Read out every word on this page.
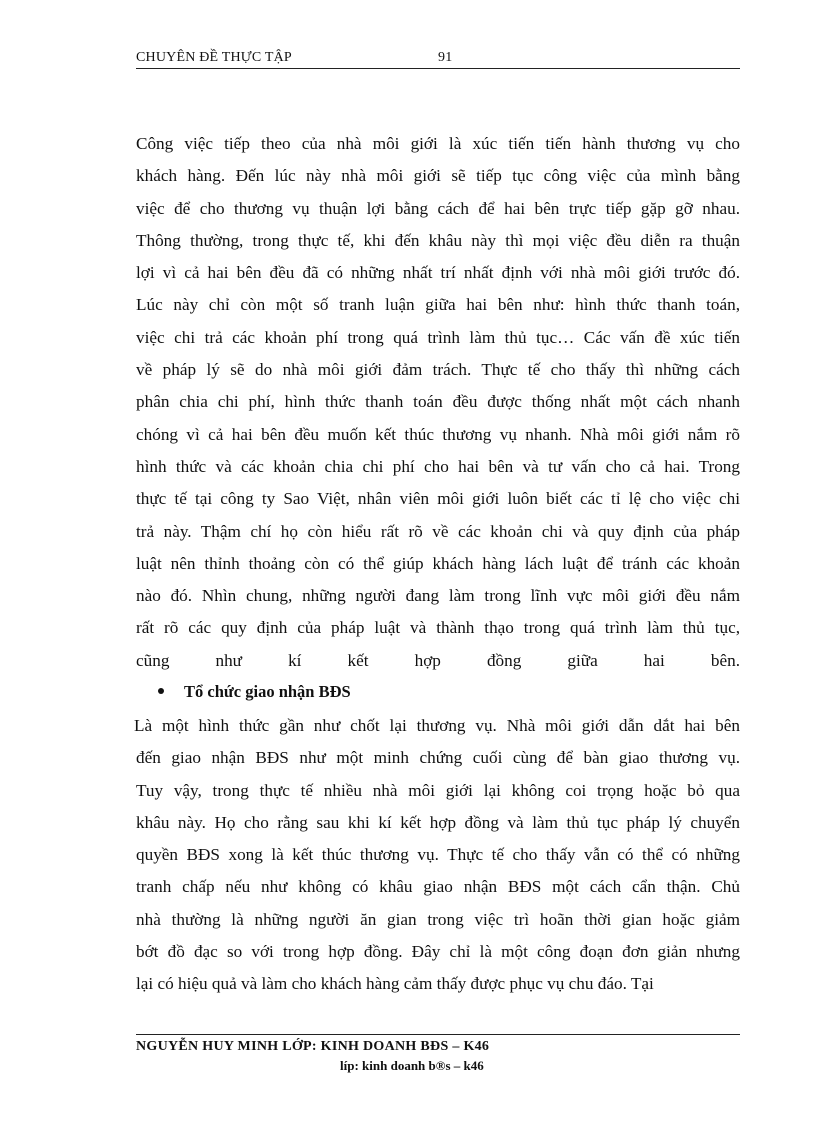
CHUYÊN ĐỀ THỰC TẬP	91
Công việc tiếp theo của nhà môi giới là xúc tiến tiến hành thương vụ cho
khách hàng. Đến lúc này nhà môi giới sẽ tiếp tục công việc của mình bằng
việc để cho thương vụ thuận lợi bằng cách để hai bên trực tiếp gặp gỡ nhau.
Thông thường, trong thực tế, khi đến khâu này thì mọi việc đều diễn ra thuận
lợi vì cả hai bên đều đã có những nhất trí nhất định với nhà môi giới trước đó.
Lúc này chỉ còn một số tranh luận giữa hai bên như: hình thức thanh toán,
việc chi trả các khoản phí trong quá trình làm thủ tục… Các vấn đề xúc tiến
về pháp lý sẽ do nhà môi giới đảm trách. Thực tế cho thấy thì những cách
phân chia chi phí, hình thức thanh toán đều được thống nhất một cách nhanh
chóng vì cả hai bên đều muốn kết thúc thương vụ nhanh. Nhà môi giới nắm rõ
hình thức và các khoản chia chi phí cho hai bên và tư vấn cho cả hai. Trong
thực tế tại công ty Sao Việt, nhân viên môi giới luôn biết các tỉ lệ cho việc chi
trả này. Thậm chí họ còn hiểu rất rõ về các khoản chi và quy định của pháp
luật nên thỉnh thoảng còn có thể giúp khách hàng lách luật để tránh các khoản
nào đó. Nhìn chung, những người đang làm trong lĩnh vực môi giới đều nắm
rất rõ các quy định của pháp luật và thành thạo trong quá trình làm thủ tục,
cũng như kí kết hợp đồng giữa hai bên.
Tổ chức giao nhận BĐS
Là một hình thức gần như chốt lại thương vụ. Nhà môi giới dẫn dắt hai bên
đến giao nhận BĐS như một minh chứng cuối cùng để bàn giao thương vụ.
Tuy vậy, trong thực tế nhiều nhà môi giới lại không coi trọng hoặc bỏ qua
khâu này. Họ cho rằng sau khi kí kết hợp đồng và làm thủ tục pháp lý chuyển
quyền BĐS xong là kết thúc thương vụ. Thực tế cho thấy vẫn có thể có những
tranh chấp nếu như không có khâu giao nhận BĐS một cách cẩn thận. Chủ
nhà thường là những người ăn gian trong việc trì hoãn thời gian hoặc giảm
bớt đồ đạc so với trong hợp đồng. Đây chỉ là một công đoạn đơn giản nhưng
lại có hiệu quả và làm cho khách hàng cảm thấy được phục vụ chu đáo. Tại
NGUYỄN HUY MINH LỚP: KINH DOANH BĐS – K46
líp: kinh doanh b®s – k46
